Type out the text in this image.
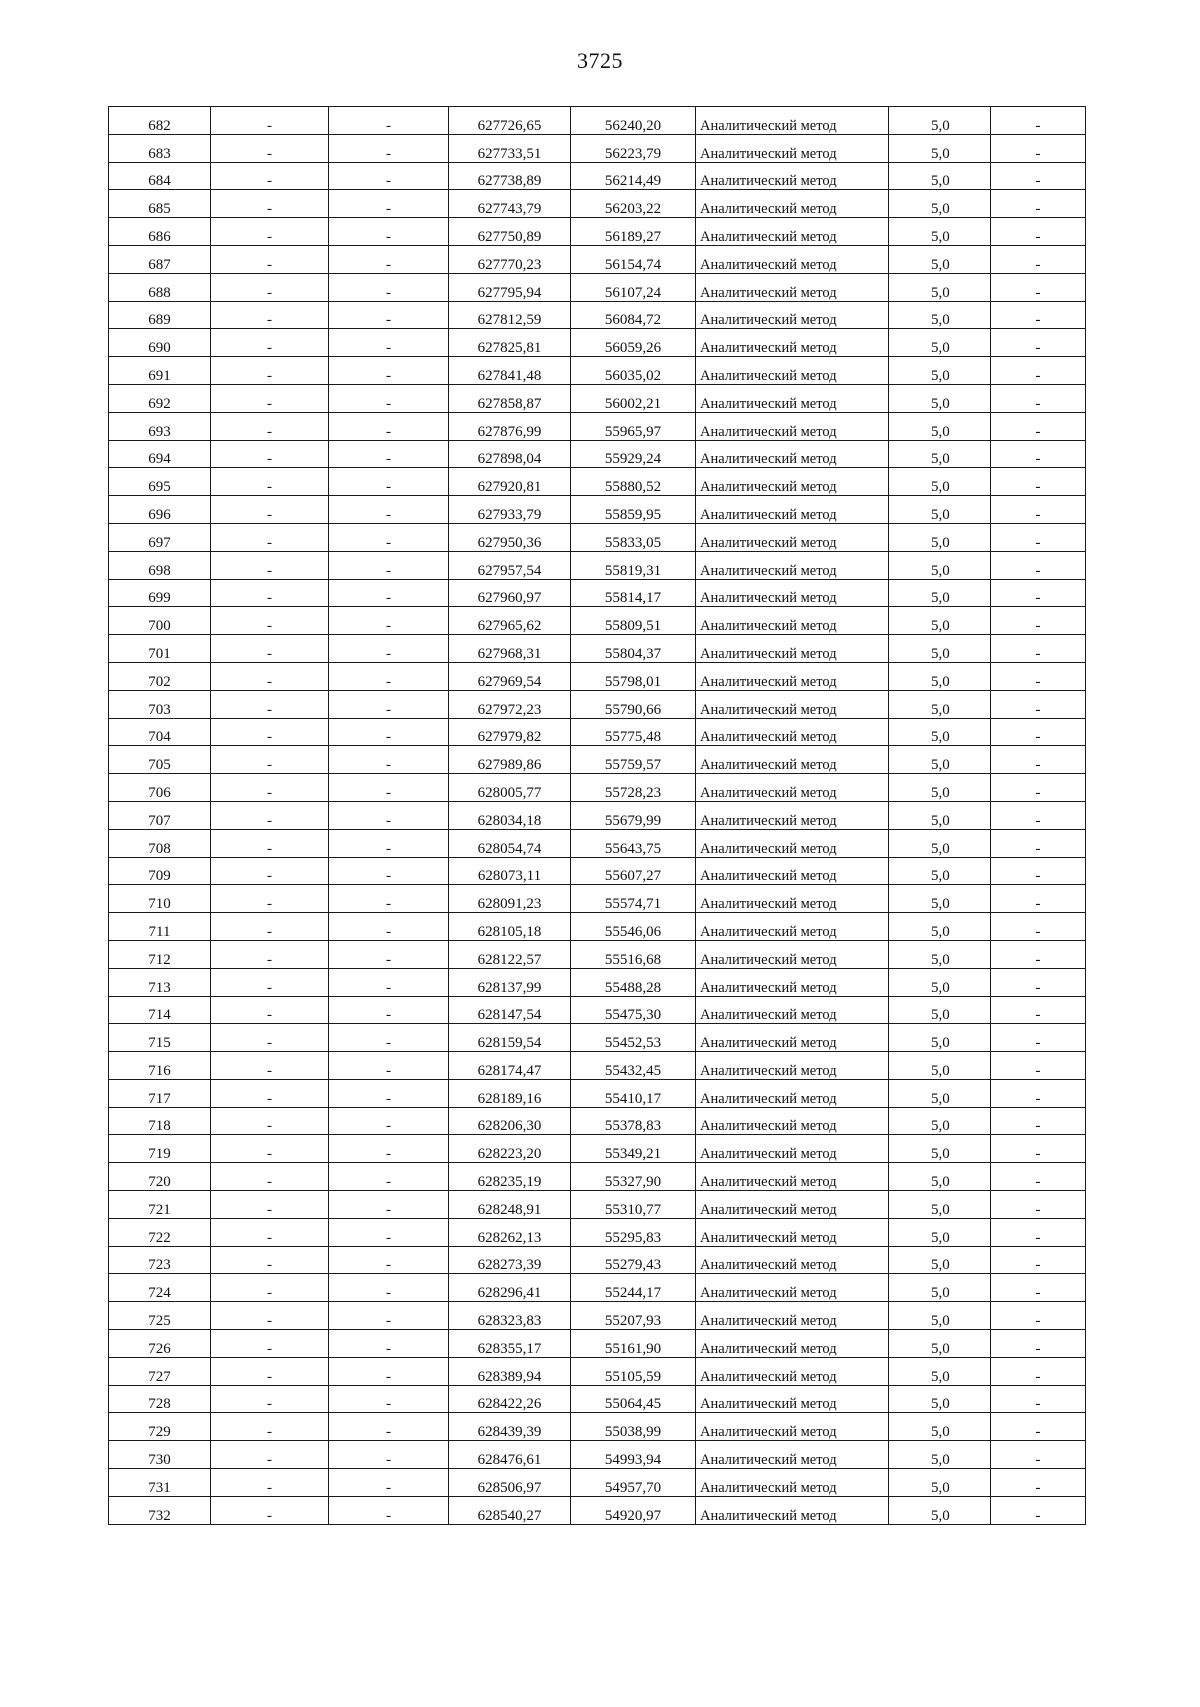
3725
682	-	-	627726,65	56240,20	Аналитический метод	5,0	-
683	-	-	627733,51	56223,79	Аналитический метод	5,0	-
684	-	-	627738,89	56214,49	Аналитический метод	5,0	-
685	-	-	627743,79	56203,22	Аналитический метод	5,0	-
686	-	-	627750,89	56189,27	Аналитический метод	5,0	-
687	-	-	627770,23	56154,74	Аналитический метод	5,0	-
688	-	-	627795,94	56107,24	Аналитический метод	5,0	-
689	-	-	627812,59	56084,72	Аналитический метод	5,0	-
690	-	-	627825,81	56059,26	Аналитический метод	5,0	-
691	-	-	627841,48	56035,02	Аналитический метод	5,0	-
692	-	-	627858,87	56002,21	Аналитический метод	5,0	-
693	-	-	627876,99	55965,97	Аналитический метод	5,0	-
694	-	-	627898,04	55929,24	Аналитический метод	5,0	-
695	-	-	627920,81	55880,52	Аналитический метод	5,0	-
696	-	-	627933,79	55859,95	Аналитический метод	5,0	-
697	-	-	627950,36	55833,05	Аналитический метод	5,0	-
698	-	-	627957,54	55819,31	Аналитический метод	5,0	-
699	-	-	627960,97	55814,17	Аналитический метод	5,0	-
700	-	-	627965,62	55809,51	Аналитический метод	5,0	-
701	-	-	627968,31	55804,37	Аналитический метод	5,0	-
702	-	-	627969,54	55798,01	Аналитический метод	5,0	-
703	-	-	627972,23	55790,66	Аналитический метод	5,0	-
704	-	-	627979,82	55775,48	Аналитический метод	5,0	-
705	-	-	627989,86	55759,57	Аналитический метод	5,0	-
706	-	-	628005,77	55728,23	Аналитический метод	5,0	-
707	-	-	628034,18	55679,99	Аналитический метод	5,0	-
708	-	-	628054,74	55643,75	Аналитический метод	5,0	-
709	-	-	628073,11	55607,27	Аналитический метод	5,0	-
710	-	-	628091,23	55574,71	Аналитический метод	5,0	-
711	-	-	628105,18	55546,06	Аналитический метод	5,0	-
712	-	-	628122,57	55516,68	Аналитический метод	5,0	-
713	-	-	628137,99	55488,28	Аналитический метод	5,0	-
714	-	-	628147,54	55475,30	Аналитический метод	5,0	-
715	-	-	628159,54	55452,53	Аналитический метод	5,0	-
716	-	-	628174,47	55432,45	Аналитический метод	5,0	-
717	-	-	628189,16	55410,17	Аналитический метод	5,0	-
718	-	-	628206,30	55378,83	Аналитический метод	5,0	-
719	-	-	628223,20	55349,21	Аналитический метод	5,0	-
720	-	-	628235,19	55327,90	Аналитический метод	5,0	-
721	-	-	628248,91	55310,77	Аналитический метод	5,0	-
722	-	-	628262,13	55295,83	Аналитический метод	5,0	-
723	-	-	628273,39	55279,43	Аналитический метод	5,0	-
724	-	-	628296,41	55244,17	Аналитический метод	5,0	-
725	-	-	628323,83	55207,93	Аналитический метод	5,0	-
726	-	-	628355,17	55161,90	Аналитический метод	5,0	-
727	-	-	628389,94	55105,59	Аналитический метод	5,0	-
728	-	-	628422,26	55064,45	Аналитический метод	5,0	-
729	-	-	628439,39	55038,99	Аналитический метод	5,0	-
730	-	-	628476,61	54993,94	Аналитический метод	5,0	-
731	-	-	628506,97	54957,70	Аналитический метод	5,0	-
732	-	-	628540,27	54920,97	Аналитический метод	5,0	-
